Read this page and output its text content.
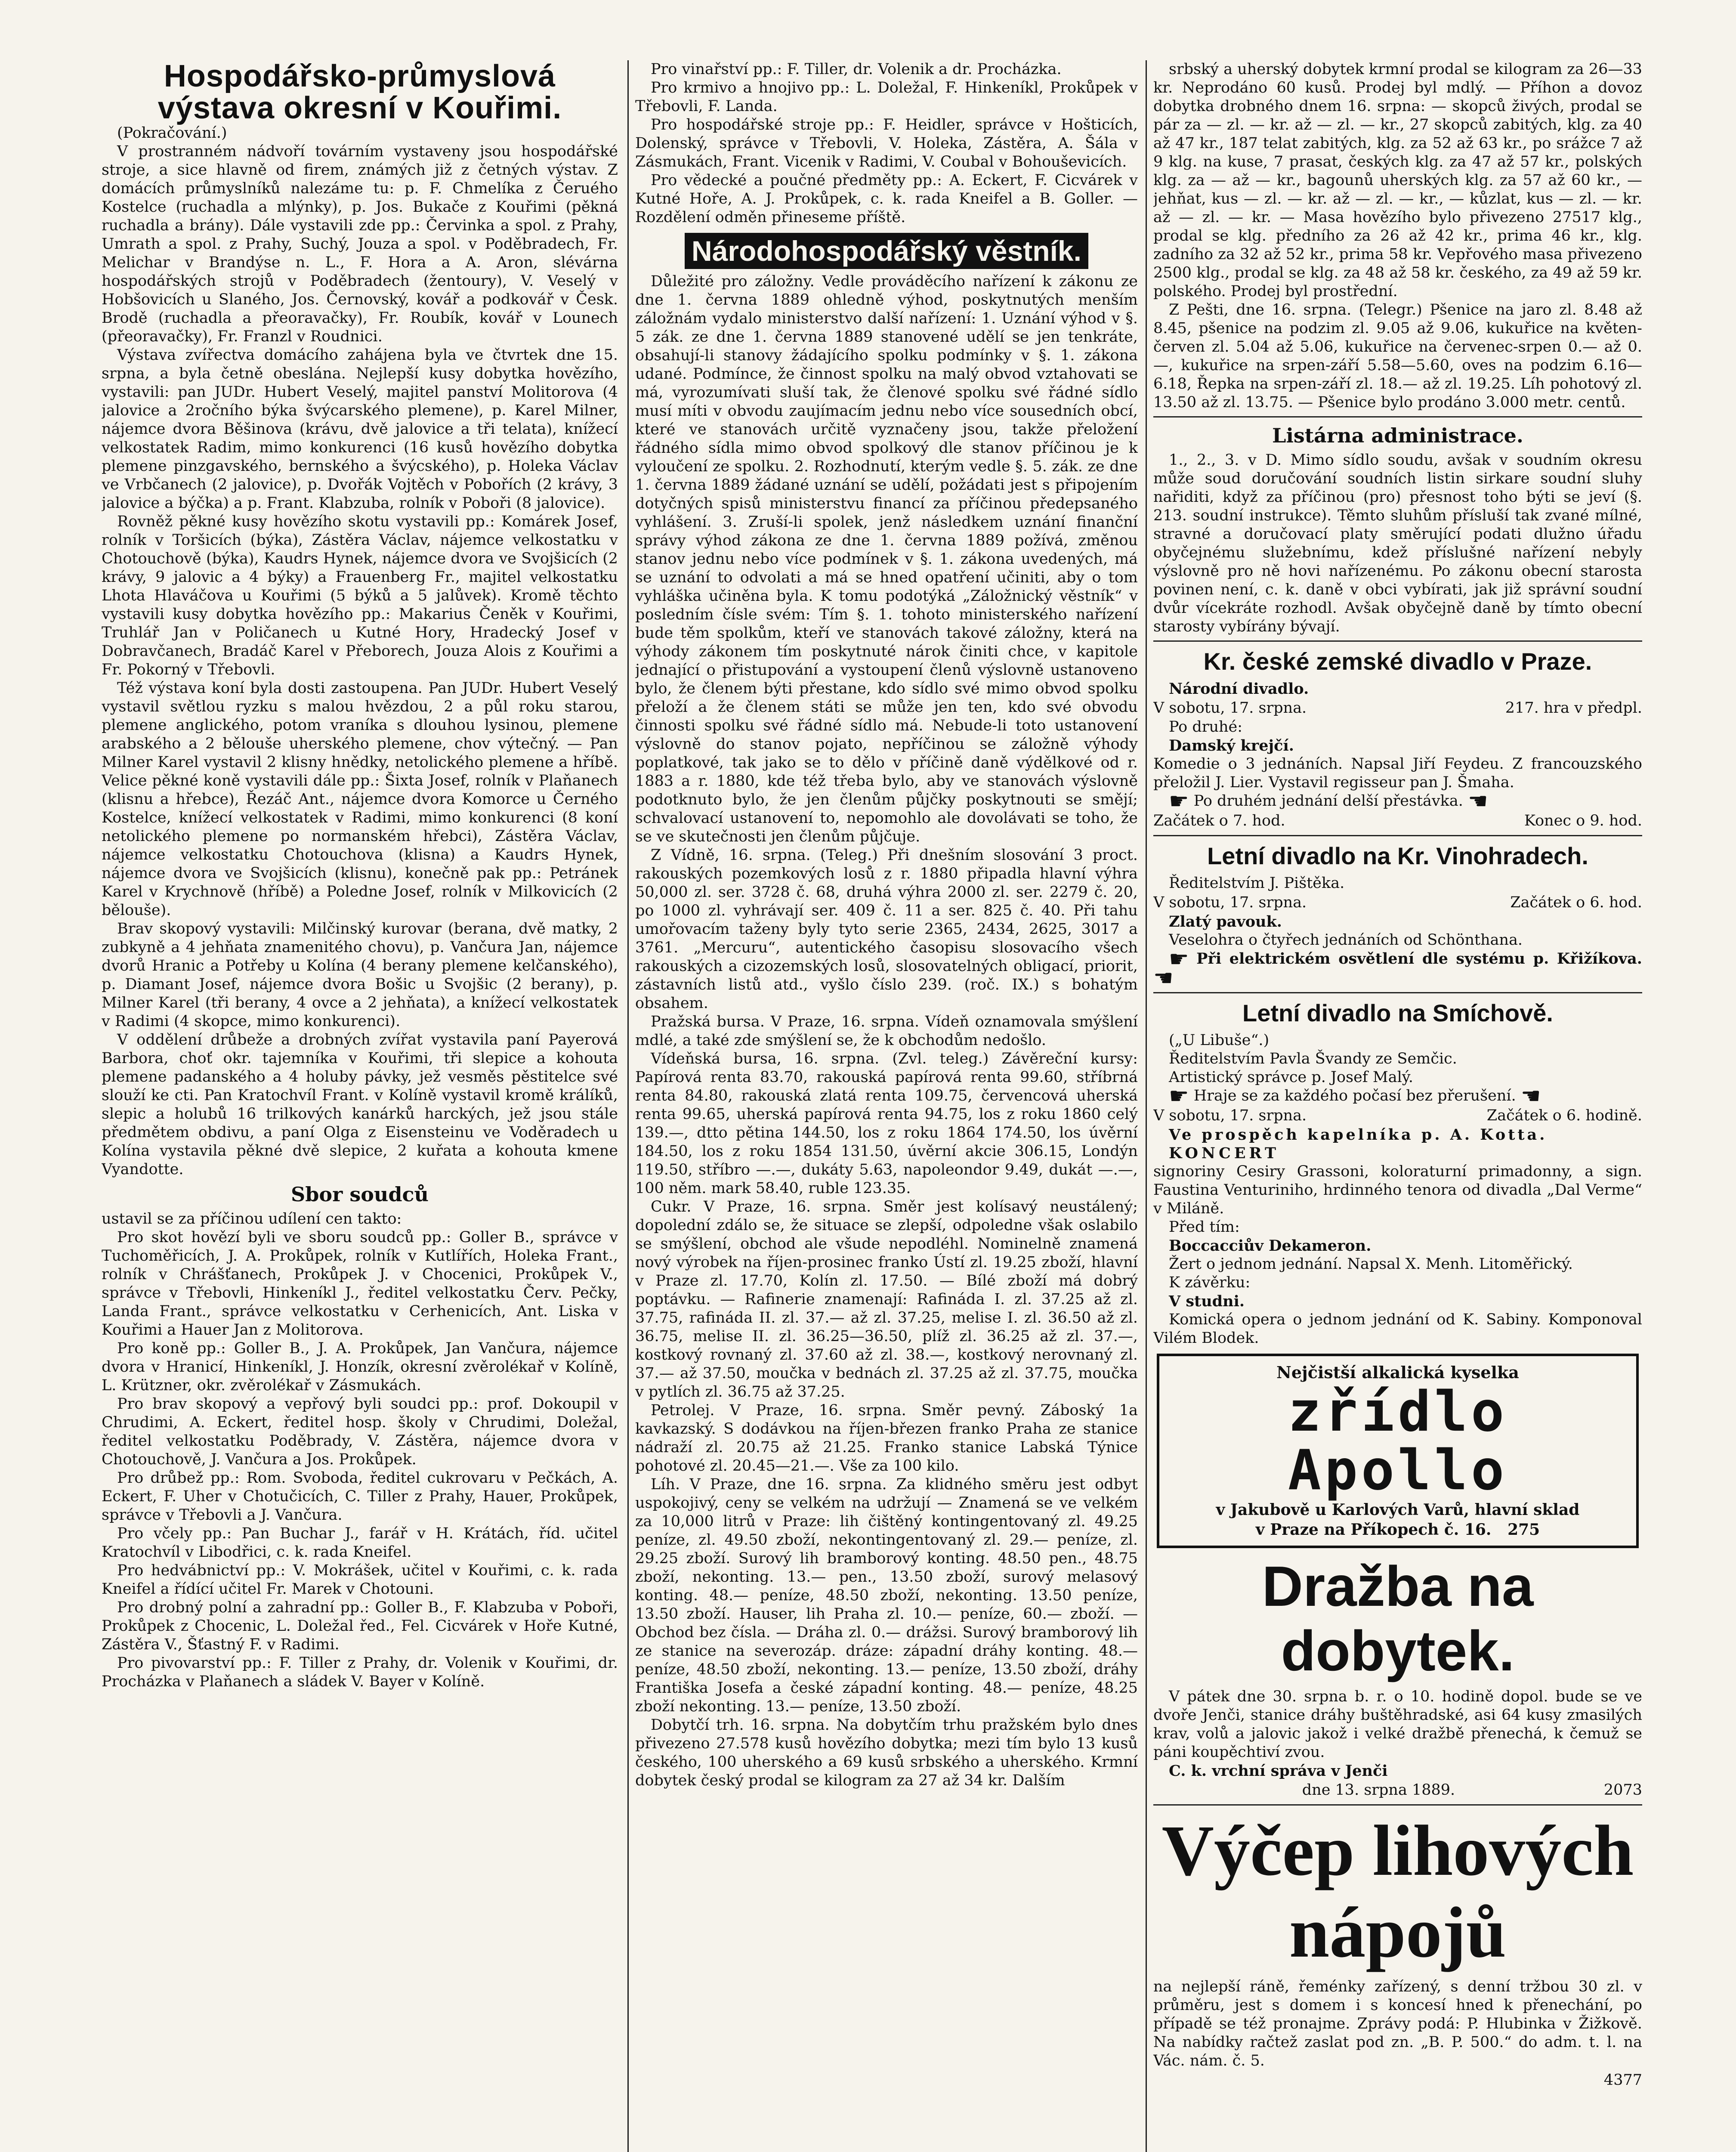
Hospodářsko-průmyslová výstava okresní v Kouřimi.

(Pokračování.)

V prostranném nádvoří továrním vystaveny jsou hospodářské stroje, a sice hlavně od firem, známých již z četných výstav. Z domácích průmyslníků nalezáme tu: p. F. Chmelíka z Čeruého Kostelce (ruchadla a mlýnky), p. Jos. Bukače z Kouřimi (pěkná ruchadla a brány). Dále vystavili zde pp.: Červinka a spol. z Prahy, Umrath a spol. z Prahy, Suchý, Jouza a spol. v Poděbradech, Fr. Melichar v Brandýse n. L., F. Hora a A. Aron, slévárna hospodářských strojů v Poděbradech (žentoury), V. Veselý v Hobšovicích u Slaného, Jos. Černovský, kovář a podkovář v Česk. Brodě (ruchadla a přeoravačky), Fr. Roubík, kovář v Lounech (přeoravačky), Fr. Franzl v Roudnici.

Výstava zvířectva domácího zahájena byla ve čtvrtek dne 15. srpna, a byla četně obeslána. Nejlepší kusy dobytka hovězího, vystavili: pan JUDr. Hubert Veselý, majitel panství Molitorova (4 jalovice a 2ročního býka švýcarského plemene), p. Karel Milner, nájemce dvora Běšinova (krávu, dvě jalovice a tři telata), knížecí velkostatek Radim, mimo konkurenci (16 kusů hovězího dobytka plemene pinzgavského, bernského a švýcského), p. Holeka Václav ve Vrbčanech (2 jalovice), p. Dvořák Vojtěch v Pobořích (2 krávy, 3 jalovice a býčka) a p. Frant. Klabzuba, rolník v Poboři (8 jalovice).

Rovněž pěkné kusy hovězího skotu vystavili pp.: Komárek Josef, rolník v Toršicích (býka), Zástěra Václav, nájemce velkostatku v Chotouchově (býka), Kaudrs Hynek, nájemce dvora ve Svojšicích (2 krávy, 9 jalovic a 4 býky) a Frauenberg Fr., majitel velkostatku Lhota Hlaváčova u Kouřimi (5 býků a 5 jalůvek). Kromě těchto vystavili kusy dobytka hovězího pp.: Makarius Čeněk v Kouřimi, Truhlář Jan v Poličanech u Kutné Hory, Hradecký Josef v Dobravčanech, Bradáč Karel v Přeborech, Jouza Alois z Kouřimi a Fr. Pokorný v Třebovli.

Též výstava koní byla dosti zastoupena. Pan JUDr. Hubert Veselý vystavil světlou ryzku s malou hvězdou, 2 a půl roku starou, plemene anglického, potom vraníka s dlouhou lysinou, plemene arabského a 2 bělouše uherského plemene, chov výtečný. — Pan Milner Karel vystavil 2 klisny hnědky, netolického plemene a hříbě. Velice pěkné koně vystavili dále pp.: Šixta Josef, rolník v Plaňanech (klisnu a hřebce), Řezáč Ant., nájemce dvora Komorce u Černého Kostelce, knížecí velkostatek v Radimi, mimo konkurenci (8 koní netolického plemene po normanském hřebci), Zástěra Václav, nájemce velkostatku Chotouchova (klisna) a Kaudrs Hynek, nájemce dvora ve Svojšicích (klisnu), konečně pak pp.: Petránek Karel v Krychnově (hříbě) a Poledne Josef, rolník v Milkovicích (2 bělouše).

Brav skopový vystavili: Milčinský kurovar (berana, dvě matky, 2 zubkyně a 4 jehňata znamenitého chovu), p. Vančura Jan, nájemce dvorů Hranic a Potřeby u Kolína (4 berany plemene kelčanského), p. Diamant Josef, nájemce dvora Bošic u Svojšic (2 berany), p. Milner Karel (tři berany, 4 ovce a 2 jehňata), a knížecí velkostatek v Radimi (4 skopce, mimo konkurenci).

V oddělení drůbeže a drobných zvířat vystavila paní Payerová Barbora, choť okr. tajemníka v Kouřimi, tři slepice a kohouta plemene padanského a 4 holuby pávky, jež vesměs pěstitelce své slouží ke cti. Pan Kratochvíl Frant. v Kolíně vystavil kromě králíků, slepic a holubů 16 trilkových kanárků harckých, jež jsou stále předmětem obdivu, a paní Olga z Eisensteinu ve Voděradech u Kolína vystavila pěkné dvě slepice, 2 kuřata a kohouta kmene Vyandotte.

Sbor soudců

ustavil se za příčinou udílení cen takto:

Pro skot hovězí byli ve sboru soudců pp.: Goller B., správce v Tuchoměřicích, J. A. Prokůpek, rolník v Kutlířích, Holeka Frant., rolník v Chrášťanech, Prokůpek J. v Chocenici, Prokůpek V., správce v Třebovli, Hinkeníkl J., ředitel velkostatku Červ. Pečky, Landa Frant., správce velkostatku v Cerhenicích, Ant. Liska v Kouřimi a Hauer Jan z Molitorova.

Pro koně pp.: Goller B., J. A. Prokůpek, Jan Vančura, nájemce dvora v Hranicí, Hinkeníkl, J. Honzík, okresní zvěrolékař v Kolíně, L. Krützner, okr. zvěrolékař v Zásmukách.

Pro brav skopový a vepřový byli soudci pp.: prof. Dokoupil v Chrudimi, A. Eckert, ředitel hosp. školy v Chrudimi, Doležal, ředitel velkostatku Poděbrady, V. Zástěra, nájemce dvora v Chotouchově, J. Vančura a Jos. Prokůpek.

Pro drůbež pp.: Rom. Svoboda, ředitel cukrovaru v Pečkách, A. Eckert, F. Uher v Chotučicích, C. Tiller z Prahy, Hauer, Prokůpek, správce v Třebovli a J. Vančura.

Pro včely pp.: Pan Buchar J., farář v H. Krátách, říd. učitel Kratochvíl v Libodřici, c. k. rada Kneifel.

Pro hedvábnictví pp.: V. Mokrášek, učitel v Kouřimi, c. k. rada Kneifel a řídící učitel Fr. Marek v Chotouni.

Pro drobný polní a zahradní pp.: Goller B., F. Klabzuba v Poboři, Prokůpek z Chocenic, L. Doležal řed., Fel. Cicvárek v Hoře Kutné, Zástěra V., Šťastný F. v Radimi.

Pro pivovarství pp.: F. Tiller z Prahy, dr. Volenik v Kouřimi, dr. Procházka v Plaňanech a sládek V. Bayer v Kolíně.

Pro vinařství pp.: F. Tiller, dr. Volenik a dr. Procházka.

Pro krmivo a hnojivo pp.: L. Doležal, F. Hinkeníkl, Prokůpek v Třebovli, F. Landa.

Pro hospodářské stroje pp.: F. Heidler, správce v Hošticích, Dolenský, správce v Třebovli, V. Holeka, Zástěra, A. Šála v Zásmukách, Frant. Vicenik v Radimi, V. Coubal v Bohouševicích.

Pro vědecké a poučné předměty pp.: A. Eckert, F. Cicvárek v Kutné Hoře, A. J. Prokůpek, c. k. rada Kneifel a B. Goller. — Rozdělení odměn přineseme příště.

Národohospodářský věstník.

Důležité pro záložny. Vedle prováděcího nařízení k zákonu ze dne 1. června 1889 ohledně výhod, poskytnutých menším záložnám vydalo ministerstvo další nařízení: 1. Uznání výhod v §. 5 zák. ze dne 1. června 1889 stanovené udělí se jen tenkráte, obsahují-li stanovy žádajícího spolku podmínky v §. 1. zákona udané. Podmínce, že činnost spolku na malý obvod vztahovati se má, vyrozumívati sluší tak, že členové spolku své řádné sídlo musí míti v obvodu zaujímacím jednu nebo více sousedních obcí, které ve stanovách určitě vyznačeny jsou, takže přeložení řádného sídla mimo obvod spolkový dle stanov příčinou je k vyloučení ze spolku. 2. Rozhodnutí, kterým vedle §. 5. zák. ze dne 1. června 1889 žádané uznání se udělí, požádati jest s připojením dotyčných spisů ministerstvu financí za příčinou předepsaného vyhlášení. 3. Zruší-li spolek, jenž následkem uznání finanční správy výhod zákona ze dne 1. června 1889 požívá, změnou stanov jednu nebo více podmínek v §. 1. zákona uvedených, má se uznání to odvolati a má se hned opatření učiniti, aby o tom vyhláška učiněna byla. K tomu podotýká „Záložnický věstník“ v posledním čísle svém: Tím §. 1. tohoto ministerského nařízení bude těm spolkům, kteří ve stanovách takové záložny, která na výhody zákonem tím poskytnuté nárok činiti chce, v kapitole jednající o přistupování a vystoupení členů výslovně ustanoveno bylo, že členem býti přestane, kdo sídlo své mimo obvod spolku přeloží a že členem státi se může jen ten, kdo své obvodu činnosti spolku své řádné sídlo má. Nebude-li toto ustanovení výslovně do stanov pojato, nepříčinou se záložně výhody poplatkové, tak jako se to dělo v příčině daně výdělkové od r. 1883 a r. 1880, kde též třeba bylo, aby ve stanovách výslovně podotknuto bylo, že jen členům půjčky poskytnouti se smějí; schvalovací ustanovení to, nepomohlo ale dovolávati se toho, že se ve skutečnosti jen členům půjčuje.

Z Vídně, 16. srpna. (Teleg.) Při dnešním slosování 3 proct. rakouských pozemkových losů z r. 1880 připadla hlavní výhra 50,000 zl. ser. 3728 č. 68, druhá výhra 2000 zl. ser. 2279 č. 20, po 1000 zl. vyhrávají ser. 409 č. 11 a ser. 825 č. 40. Při tahu umořovacím taženy byly tyto serie 2365, 2434, 2625, 3017 a 3761. „Mercuru“, autentického časopisu slosovacího všech rakouských a cizozemských losů, slosovatelných obligací, priorit, zástavních listů atd., vyšlo číslo 239. (roč. IX.) s bohatým obsahem.

Pražská bursa. V Praze, 16. srpna. Vídeň oznamovala smýšlení mdlé, a také zde smýšlení se, že k obchodům nedošlo.

Vídeňská bursa, 16. srpna. (Zvl. teleg.) Závěreční kursy: Papírová renta 83.70, rakouská papírová renta 99.60, stříbrná renta 84.80, rakouská zlatá renta 109.75, červencová uherská renta 99.65, uherská papírová renta 94.75, los z roku 1860 celý 139.—, dtto pětina 144.50, los z roku 1864 174.50, los úvěrní 184.50, los z roku 1854 131.50, úvěrní akcie 306.15, Londýn 119.50, stříbro —.—, dukáty 5.63, napoleondor 9.49, dukát —.—, 100 něm. mark 58.40, ruble 123.35.

Cukr. V Praze, 16. srpna. Směr jest kolísavý neustálený; dopolední zdálo se, že situace se zlepší, odpoledne však oslabilo se smýšlení, obchod ale všude nepodléhl. Nominelně znamená nový výrobek na říjen-prosinec franko Ústí zl. 19.25 zboží, hlavní v Praze zl. 17.70, Kolín zl. 17.50. — Bílé zboží má dobrý poptávku. — Rafinerie znamenají: Rafináda I. zl. 37.25 až zl. 37.75, rafináda II. zl. 37.— až zl. 37.25, melise I. zl. 36.50 až zl. 36.75, melise II. zl. 36.25—36.50, plíž zl. 36.25 až zl. 37.—, kostkový rovnaný zl. 37.60 až zl. 38.—, kostkový nerovnaný zl. 37.— až 37.50, moučka v bednách zl. 37.25 až zl. 37.75, moučka v pytlích zl. 36.75 až 37.25.

Petrolej. V Praze, 16. srpna. Směr pevný. Záboský 1a kavkazský. S dodávkou na říjen-březen franko Praha ze stanice nádraží zl. 20.75 až 21.25. Franko stanice Labská Týnice pohotové zl. 20.45—21.—. Vše za 100 kilo.

Líh. V Praze, dne 16. srpna. Za klidného směru jest odbyt uspokojivý, ceny se velkém na udržují — Znamená se ve velkém za 10,000 litrů v Praze: lih čištěný kontingentovaný zl. 49.25 peníze, zl. 49.50 zboží, nekontingentovaný zl. 29.— peníze, zl. 29.25 zboží. Surový lih bramborový konting. 48.50 pen., 48.75 zboží, nekonting. 13.— pen., 13.50 zboží, surový melasový konting. 48.— peníze, 48.50 zboží, nekonting. 13.50 peníze, 13.50 zboží. Hauser, lih Praha zl. 10.— peníze, 60.— zboží. — Obchod bez čísla. — Dráha zl. 0.— drážsi. Surový bramborový lih ze stanice na severozáp. dráze: západní dráhy konting. 48.— peníze, 48.50 zboží, nekonting. 13.— peníze, 13.50 zboží, dráhy Františka Josefa a české západní konting. 48.— peníze, 48.25 zboží nekonting. 13.— peníze, 13.50 zboží.

Dobytčí trh. 16. srpna. Na dobytčím trhu pražském bylo dnes přivezeno 27.578 kusů hovězího dobytka; mezi tím bylo 13 kusů českého, 100 uherského a 69 kusů srbského a uherského. Krmní dobytek český prodal se kilogram za 27 až 34 kr. Dalším

srbský a uherský dobytek krmní prodal se kilogram za 26—33 kr. Neprodáno 60 kusů. Prodej byl mdlý. — Příhon a dovoz dobytka drobného dnem 16. srpna: — skopců živých, prodal se pár za — zl. — kr. až — zl. — kr., 27 skopců zabitých, klg. za 40 až 47 kr., 187 telat zabitých, klg. za 52 až 63 kr., po srážce 7 až 9 klg. na kuse, 7 prasat, českých klg. za 47 až 57 kr., polských klg. za — až — kr., bagounů uherských klg. za 57 až 60 kr., — jehňat, kus — zl. — kr. až — zl. — kr., — kůzlat, kus — zl. — kr. až — zl. — kr. — Masa hovězího bylo přivezeno 27517 klg., prodal se klg. předního za 26 až 42 kr., prima 46 kr., klg. zadního za 32 až 52 kr., prima 58 kr. Vepřového masa přivezeno 2500 klg., prodal se klg. za 48 až 58 kr. českého, za 49 až 59 kr. polského. Prodej byl prostřední.

Z Pešti, dne 16. srpna. (Telegr.) Pšenice na jaro zl. 8.48 až 8.45, pšenice na podzim zl. 9.05 až 9.06, kukuřice na květen-červen zl. 5.04 až 5.06, kukuřice na červenec-srpen 0.— až 0.—, kukuřice na srpen-září 5.58—5.60, oves na podzim 6.16—6.18, Řepka na srpen-září zl. 18.— až zl. 19.25. Líh pohotový zl. 13.50 až zl. 13.75. — Pšenice bylo prodáno 3.000 metr. centů.

Listárna administrace.

1., 2., 3. v D. Mimo sídlo soudu, avšak v soudním okresu může soud doručování soudních listin sirkare soudní sluhy nařiditi, když za příčinou (pro) přesnost toho býti se jeví (§. 213. soudní instrukce). Těmto sluhům přísluší tak zvané mílné, stravné a doručovací platy směrující podati dlužno úřadu obyčejnému služebnímu, kdež příslušné nařízení nebyly výslovně pro ně hovi nařízenému. Po zákonu obecní starosta povinen není, c. k. daně v obci vybírati, jak již správní soudní dvůr vícekráte rozhodl. Avšak obyčejně daně by tímto obecní starosty vybírány bývají.

Kr. české zemské divadlo v Praze.

Národní divadlo.

V sobotu, 17. srpna.	217. hra v předpl.

Po druhé:

Damský krejčí.

Komedie o 3 jednáních. Napsal Jiří Feydeu. Z francouzského přeložil J. Lier. Vystavil regisseur pan J. Šmaha.

☛ Po druhém jednání delší přestávka. ☚

Začátek o 7. hod.	Konec o 9. hod.
Letní divadlo na Kr. Vinohradech.

Ředitelstvím J. Pištěka.

V sobotu, 17. srpna.	Začátek o 6. hod.

Zlatý pavouk.

Veselohra o čtyřech jednáních od Schönthana.

☛ Při elektrickém osvětlení dle systému p. Křižíkova. ☚

Letní divadlo na Smíchově.

(„U Libuše“.)

Ředitelstvím Pavla Švandy ze Semčic.

Artistický správce p. Josef Malý.

☛ Hraje se za každého počasí bez přerušení. ☚

V sobotu, 17. srpna.	Začátek o 6. hodině.

Ve prospěch kapelníka p. A. Kotta.

KONCERT

signoriny Cesiry Grassoni, koloraturní primadonny, a sign. Faustina Venturiniho, hrdinného tenora od divadla „Dal Verme“ v Miláně.

Před tím:

Boccacciův Dekameron.

Žert o jednom jednání. Napsal X. Menh. Litoměřický.

K závěrku:

V studni.

Komická opera o jednom jednání od K. Sabiny. Komponoval Vilém Blodek.

Nejčistší alkalická kyselka
zřídlo Apollo
v Jakubově u Karlových Varů, hlavní sklad
v Praze na Příkopech č. 16. 275
Dražba na dobytek.

V pátek dne 30. srpna b. r. o 10. hodině dopol. bude se ve dvoře Jenči, stanice dráhy buštěhradské, asi 64 kusy zmasilých krav, volů a jalovic jakož i velké dražbě přenechá, k čemuž se páni koupěchtiví zvou.

C. k. vrchní správa v Jenči

dne 13. srpna 1889.	2073
Výčep lihových nápojů

na nejlepší ráně, řeménky zařízený, s denní tržbou 30 zl. v průměru, jest s domem i s koncesí hned k přenechání, po případě se též pronajme. Zprávy podá: P. Hlubinka v Žižkově. Na nabídky račtež zaslat pod zn. „B. P. 500.“ do adm. t. l. na Vác. nám. č. 5.

4377
